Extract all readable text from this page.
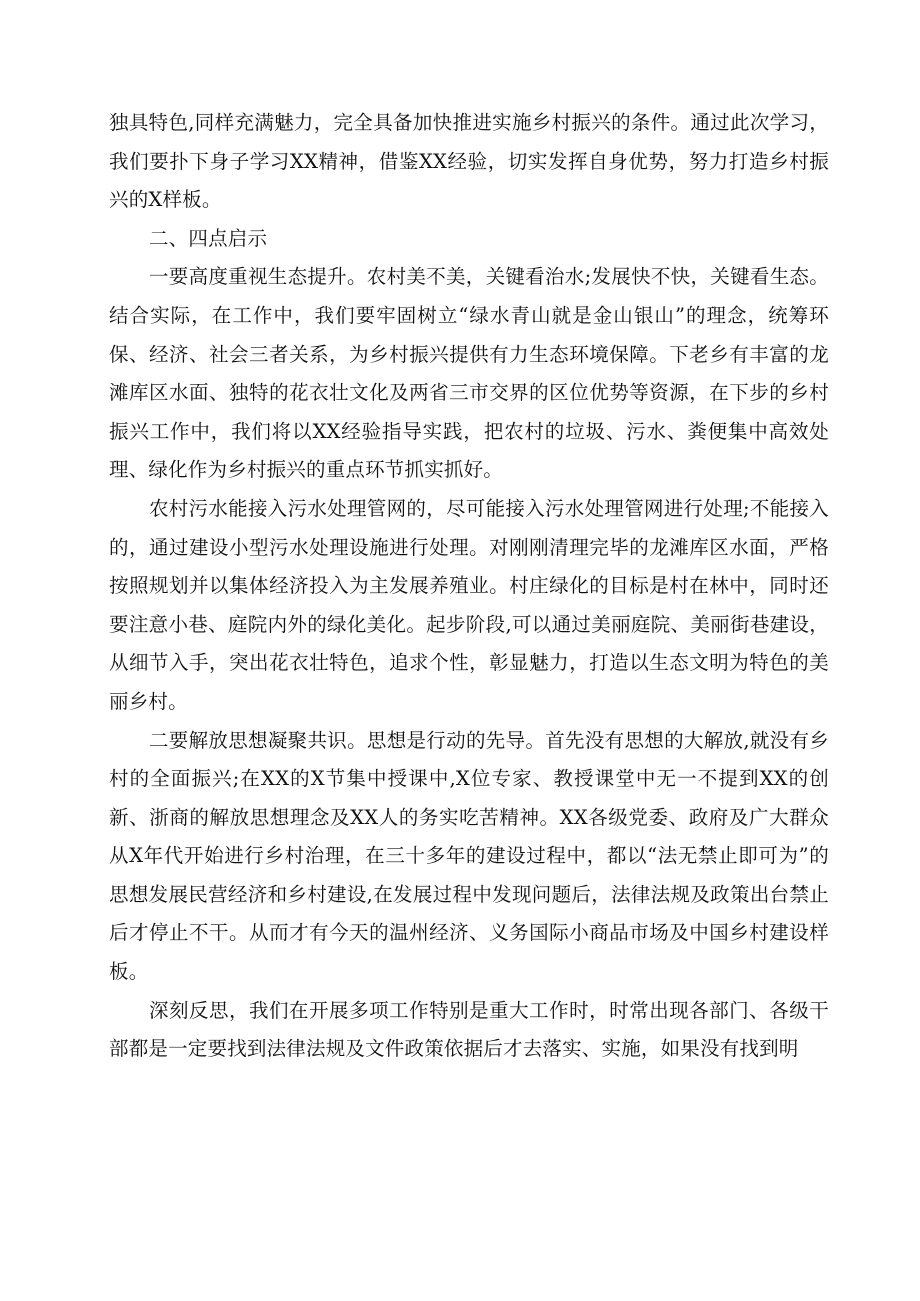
独具特色,同样充满魅力，完全具备加快推进实施乡村振兴的条件。通过此次学习，我们要扑下身子学习XX精神，借鉴XX经验，切实发挥自身优势，努力打造乡村振兴的X样板。

二、四点启示

一要高度重视生态提升。农村美不美，关键看治水;发展快不快，关键看生态。结合实际，在工作中，我们要牢固树立“绿水青山就是金山银山”的理念，统筹环保、经济、社会三者关系，为乡村振兴提供有力生态环境保障。下老乡有丰富的龙滩库区水面、独特的花衣壮文化及两省三市交界的区位优势等资源，在下步的乡村振兴工作中，我们将以XX经验指导实践，把农村的垃圾、污水、粪便集中高效处理、绿化作为乡村振兴的重点环节抓实抓好。

农村污水能接入污水处理管网的，尽可能接入污水处理管网进行处理;不能接入的，通过建设小型污水处理设施进行处理。对刚刚清理完毕的龙滩库区水面，严格按照规划并以集体经济投入为主发展养殖业。村庄绿化的目标是村在林中，同时还要注意小巷、庭院内外的绿化美化。起步阶段,可以通过美丽庭院、美丽街巷建设，从细节入手，突出花衣壮特色，追求个性，彰显魅力，打造以生态文明为特色的美丽乡村。

二要解放思想凝聚共识。思想是行动的先导。首先没有思想的大解放,就没有乡村的全面振兴;在XX的X节集中授课中,X位专家、教授课堂中无一不提到XX的创新、浙商的解放思想理念及XX人的务实吃苦精神。XX各级党委、政府及广大群众从X年代开始进行乡村治理，在三十多年的建设过程中，都以“法无禁止即可为”的思想发展民营经济和乡村建设,在发展过程中发现问题后，法律法规及政策出台禁止后才停止不干。从而才有今天的温州经济、义务国际小商品市场及中国乡村建设样板。

深刻反思，我们在开展多项工作特别是重大工作时，时常出现各部门、各级干部都是一定要找到法律法规及文件政策依据后才去落实、实施，如果没有找到明
